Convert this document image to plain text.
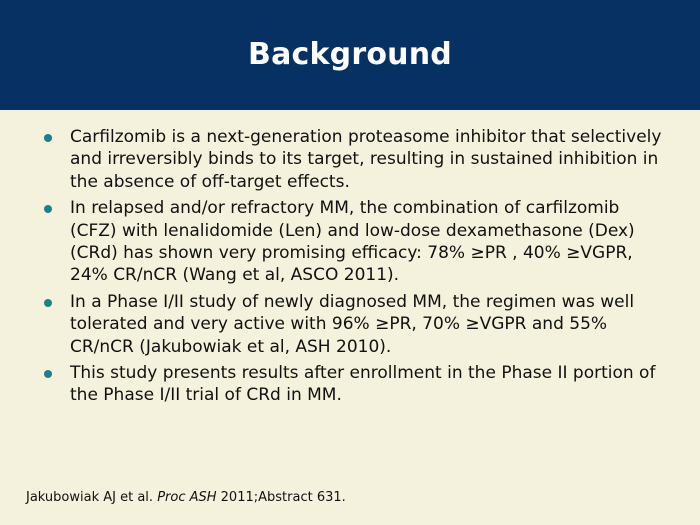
Background
Carfilzomib is a next-generation proteasome inhibitor that selectively and irreversibly binds to its target, resulting in sustained inhibition in the absence of off-target effects.
In relapsed and/or refractory MM, the combination of carfilzomib (CFZ) with lenalidomide (Len) and low-dose dexamethasone (Dex) (CRd) has shown very promising efficacy: 78% ≥PR , 40% ≥VGPR, 24% CR/nCR (Wang et al, ASCO 2011).
In a Phase I/II study of newly diagnosed MM, the regimen was well tolerated and very active with 96% ≥PR, 70% ≥VGPR and 55% CR/nCR (Jakubowiak et al, ASH 2010).
This study presents results after enrollment in the Phase II portion of the Phase I/II trial of CRd in MM.
Jakubowiak AJ et al. Proc ASH 2011;Abstract 631.
